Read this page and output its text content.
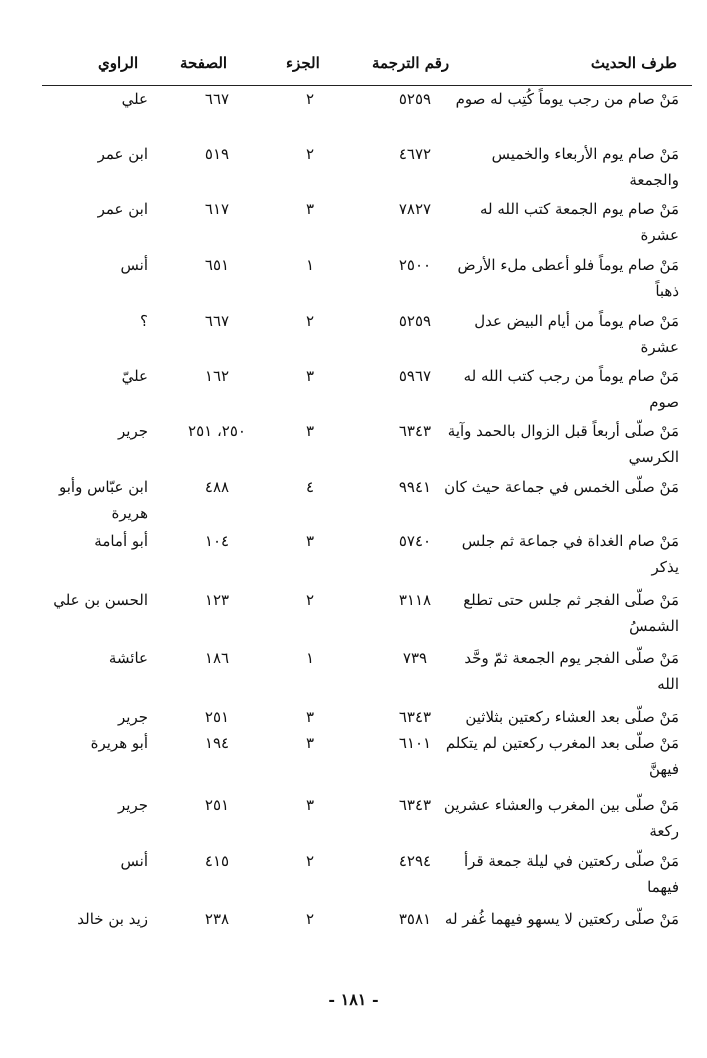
طرف الحديث
رقم الترجمة
الجزء
الصفحة
الراوي
مَنْ صام من رجب يوماً كُتِب له صوم
٥٢٥٩
٢
٦٦٧
علي
مَنْ صام يوم الأربعاء والخميس والجمعة
٤٦٧٢
٢
٥١٩
ابن عمر
مَنْ صام يوم الجمعة كتب الله له عشرة
٧٨٢٧
٣
٦١٧
ابن عمر
مَنْ صام يوماً فلو أعطى ملء الأرض ذهباً
٢٥٠٠
١
٦٥١
أنس
مَنْ صام يوماً من أيام البيض عدل عشرة
٥٢٥٩
٢
٦٦٧
؟
مَنْ صام يوماً من رجب كتب الله له صوم
٥٩٦٧
٣
١٦٢
عليّ
مَنْ صلّى أربعاً قبل الزوال بالحمد وآية الكرسي
٦٣٤٣
٣
٢٥٠، ٢٥١
جرير
مَنْ صلّى الخمس في جماعة حيث كان
٩٩٤١
٤
٤٨٨
ابن عبّاس وأبو هريرة
مَنْ صام الغداة في جماعة ثم جلس يذكر
٥٧٤٠
٣
١٠٤
أبو أمامة
مَنْ صلّى الفجر ثم جلس حتى تطلع الشمسُ
٣١١٨
٢
١٢٣
الحسن بن علي
مَنْ صلّى الفجر يوم الجمعة ثمّ وحَّد الله
٧٣٩
١
١٨٦
عائشة
مَنْ صلّى بعد العشاء ركعتين بثلاثين
٦٣٤٣
٣
٢٥١
جرير
مَنْ صلّى بعد المغرب ركعتين لم يتكلم فيهنَّ
٦١٠١
٣
١٩٤
أبو هريرة
مَنْ صلّى بين المغرب والعشاء عشرين ركعة
٦٣٤٣
٣
٢٥١
جرير
مَنْ صلّى ركعتين في ليلة جمعة قرأ فيهما
٤٢٩٤
٢
٤١٥
أنس
مَنْ صلّى ركعتين لا يسهو فيهما غُفر له
٣٥٨١
٢
٢٣٨
زيد بن خالد
- ١٨١ -
